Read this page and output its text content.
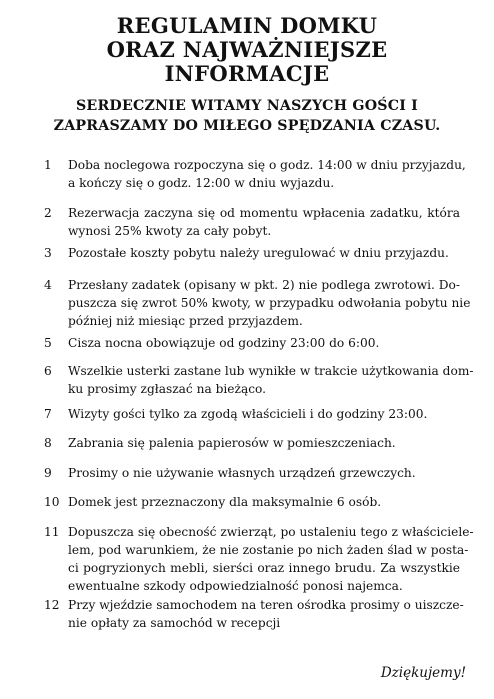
REGULAMIN DOMKU
ORAZ NAJWAŻNIEJSZE
INFORMACJE
SERDECZNIE WITAMY NASZYCH GOŚCI I
ZAPRASZAMY DO MIŁEGO SPĘDZANIA CZASU.
1	Doba noclegowa rozpoczyna się o godz. 14:00 w dniu przyjazdu,
a kończy się o godz. 12:00 w dniu wyjazdu.
2	Rezerwacja zaczyna się od momentu wpłacenia zadatku, która
wynosi 25% kwoty za cały pobyt.
3	Pozostałe koszty pobytu należy uregulować w dniu przyjazdu.
4	Przesłany zadatek (opisany w pkt. 2) nie podlega zwrotowi. Do-
puszcza się zwrot 50% kwoty, w przypadku odwołania pobytu nie
później niż miesiąc przed przyjazdem.
5	Cisza nocna obowiązuje od godziny 23:00 do 6:00.
6	Wszelkie usterki zastane lub wynikłe w trakcie użytkowania dom-
ku prosimy zgłaszać na bieżąco.
7	Wizyty gości tylko za zgodą właścicieli i do godziny 23:00.
8	Zabrania się palenia papierosów w pomieszczeniach.
9	Prosimy o nie używanie własnych urządzeń grzewczych.
10 Domek jest przeznaczony dla maksymalnie 6 osób.
11 Dopuszcza się obecność zwierząt, po ustaleniu tego z właściciele-
lem, pod warunkiem, że nie zostanie po nich żaden ślad w posta-
ci pogryzionych mebli, sierści oraz innego brudu. Za wszystkie
ewentualne szkody odpowiedzialność ponosi najemca.
12 Przy wjeździe samochodem na teren ośrodka prosimy o uiszcze-
nie opłaty za samochód w recepcji
Dziękujemy!
